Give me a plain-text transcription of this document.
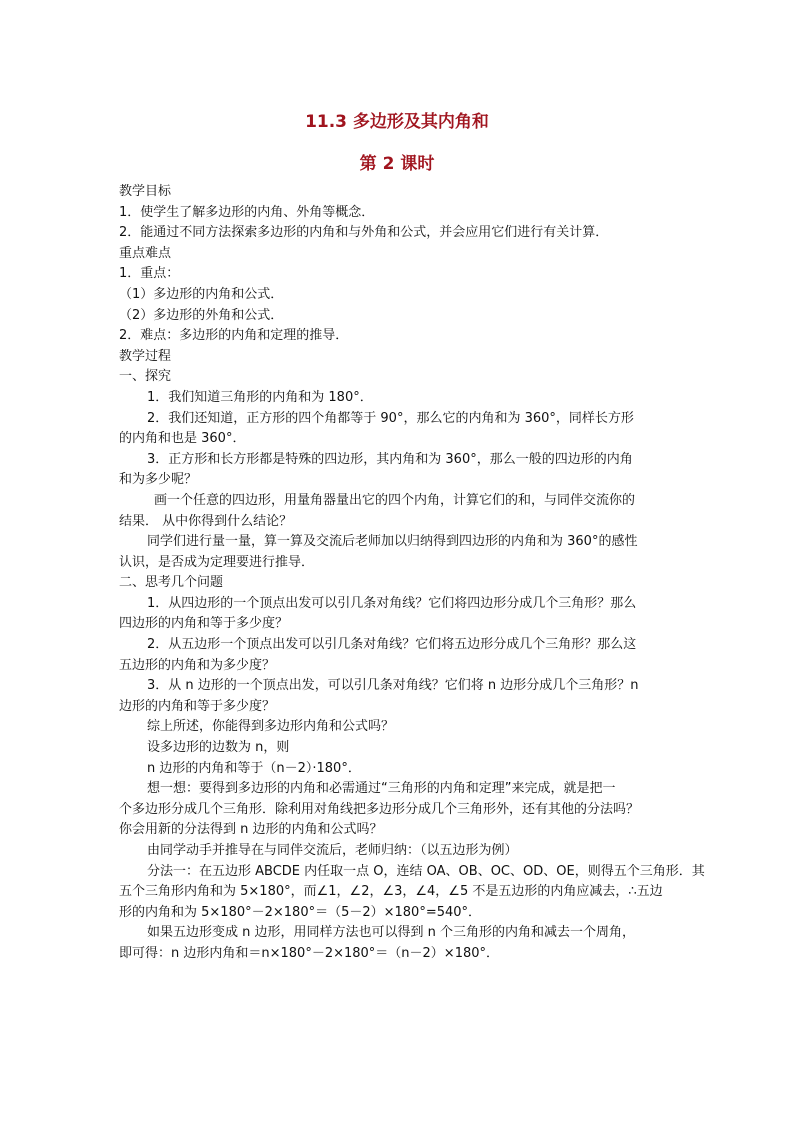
11.3 多边形及其内角和
第 2 课时

教学目标

1．使学生了解多边形的内角、外角等概念．

2．能通过不同方法探索多边形的内角和与外角和公式，并会应用它们进行有关计算．

重点难点

1．重点：

（1）多边形的内角和公式．

（2）多边形的外角和公式．

2．难点：多边形的内角和定理的推导．

教学过程

一、探究

1．我们知道三角形的内角和为 180°．

2．我们还知道，正方形的四个角都等于 90°，那么它的内角和为 360°，同样长方形

的内角和也是 360°．

3．正方形和长方形都是特殊的四边形，其内角和为 360°，那么一般的四边形的内角

和为多少呢？

画一个任意的四边形，用量角器量出它的四个内角，计算它们的和，与同伴交流你的

结果． 从中你得到什么结论？

同学们进行量一量，算一算及交流后老师加以归纳得到四边形的内角和为 360°的感性

认识，是否成为定理要进行推导．

二、思考几个问题

1．从四边形的一个顶点出发可以引几条对角线？它们将四边形分成几个三角形？那么

四边形的内角和等于多少度？

2．从五边形一个顶点出发可以引几条对角线？它们将五边形分成几个三角形？那么这

五边形的内角和为多少度？

3．从 n 边形的一个顶点出发，可以引几条对角线？它们将 n 边形分成几个三角形？n

边形的内角和等于多少度？

综上所述，你能得到多边形内角和公式吗？

设多边形的边数为 n，则

n 边形的内角和等于（n－2）·180°．

想一想：要得到多边形的内角和必需通过“三角形的内角和定理”来完成，就是把一

个多边形分成几个三角形．除利用对角线把多边形分成几个三角形外，还有其他的分法吗？

你会用新的分法得到 n 边形的内角和公式吗？

由同学动手并推导在与同伴交流后，老师归纳：（以五边形为例）

分法一：在五边形 ABCDE 内任取一点 O，连结 OA、OB、OC、OD、OE，则得五个三角形．其

五个三角形内角和为 5×180°，而∠1，∠2，∠3，∠4，∠5 不是五边形的内角应减去，∴五边

形的内角和为 5×180°－2×180°＝（5－2）×180°=540°．

如果五边形变成 n 边形，用同样方法也可以得到 n 个三角形的内角和减去一个周角，

即可得：n 边形内角和＝n×180°－2×180°＝（n－2）×180°．
